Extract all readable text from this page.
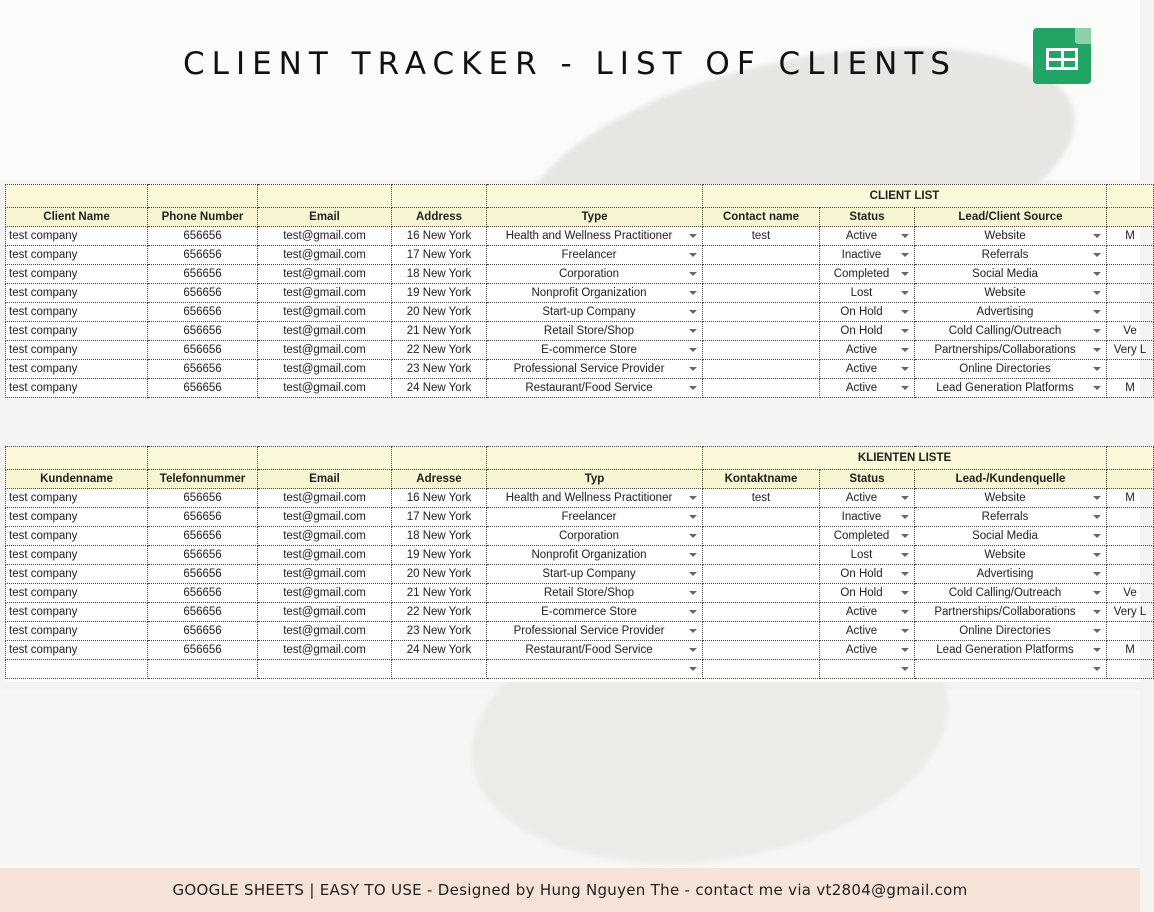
CLIENT TRACKER - LIST OF CLIENTS
					CLIENT LIST			
Client Name	Phone Number	Email	Address	Type	Contact name	Status	Lead/Client Source	
test company	656656	test@gmail.com	16 New York	Health and Wellness Practitioner	test	Active	Website	M
test company	656656	test@gmail.com	17 New York	Freelancer		Inactive	Referrals

test company	656656	test@gmail.com	18 New York	Corporation		Completed	Social Media

test company	656656	test@gmail.com	19 New York	Nonprofit Organization		Lost	Website

test company	656656	test@gmail.com	20 New York	Start-up Company		On Hold	Advertising

test company	656656	test@gmail.com	21 New York	Retail Store/Shop		On Hold	Cold Calling/Outreach	Ve
test company	656656	test@gmail.com	22 New York	E-commerce Store		Active	Partnerships/Collaborations	Very L
test company	656656	test@gmail.com	23 New York	Professional Service Provider		Active	Online Directories

test company	656656	test@gmail.com	24 New York	Restaurant/Food Service		Active	Lead Generation Platforms	M
					KLIENTEN LISTE			
Kundenname	Telefonnummer	Email	Adresse	Typ	Kontaktname	Status	Lead-/Kundenquelle	
test company	656656	test@gmail.com	16 New York	Health and Wellness Practitioner	test	Active	Website	M
test company	656656	test@gmail.com	17 New York	Freelancer		Inactive	Referrals

test company	656656	test@gmail.com	18 New York	Corporation		Completed	Social Media

test company	656656	test@gmail.com	19 New York	Nonprofit Organization		Lost	Website

test company	656656	test@gmail.com	20 New York	Start-up Company		On Hold	Advertising

test company	656656	test@gmail.com	21 New York	Retail Store/Shop		On Hold	Cold Calling/Outreach	Ve
test company	656656	test@gmail.com	22 New York	E-commerce Store		Active	Partnerships/Collaborations	Very L
test company	656656	test@gmail.com	23 New York	Professional Service Provider		Active	Online Directories

test company	656656	test@gmail.com	24 New York	Restaurant/Food Service		Active	Lead Generation Platforms	M

GOOGLE SHEETS | EASY TO USE - Designed by Hung Nguyen The - contact me via vt2804@gmail.com
